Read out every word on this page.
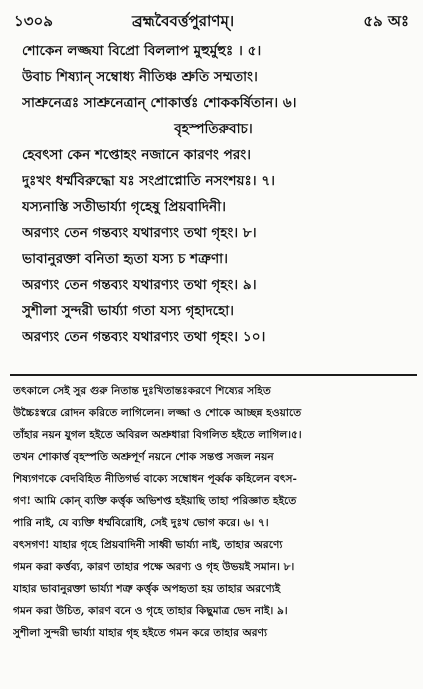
১৩০৯	ব্রহ্মবৈবর্ত্তপুরাণম্।	৫৯ অঃ
শোকেন লজ্জযা বিপ্রো বিললাপ মুহুর্মুহুঃ । ৫।
উবাচ শিষ্যান্‌ সম্বোধ্য নীতিঞ্চ শ্রুতি সম্মতাং।
সাশ্রুনেত্রঃ সাশ্রুনেত্রান্‌ শোকার্ত্তঃ শোককর্ষিতান। ৬।
বৃহস্পতিরুবাচ।
হেবৎসা কেন শপ্তোহং নজানে কারণং পরং।
দুঃখং ধর্ম্মবিরুদ্ধো যঃ সংপ্রাপ্নোতি নসংশয়ঃ। ৭।
যস্যনাস্তি সতীভার্য্যা গৃহেষু প্রিয়বাদিনী।
অরণ্যং তেন গন্তব্যং যথারণ্যং তথা গৃহং। ৮।
ভাবানুরক্তা বনিতা হৃতা যস্য চ শত্রুণা।
অরণ্যং তেন গন্তব্যং যথারণ্যং তথা গৃহং। ৯।
সুশীলা সুন্দরী ভার্য্যা গতা যস্য গৃহাদহো।
অরণ্যং তেন গন্তব্যং যথারণ্যং তথা গৃহং। ১০।
তৎকালে সেই সুর গুরু নিতান্ত দুঃখিতান্তঃকরণে শিষ্যের সহিত
উচ্চৈঃস্বরে রোদন করিতে লাগিলেন। লজ্জা ও শোকে আচ্ছন্ন হওয়াতে
তাঁহার নয়ন যুগল হইতে অবিরল অশ্রুধারা বিগলিত হইতে লাগিল।৫।
তখন শোকার্ত্ত বৃহস্পতি অশ্রুপূর্ণ নয়নে শোক সন্তপ্ত সজল নয়ন
শিষ্যগণকে বেদবিহিত নীতিগর্ভ বাক্যে সম্বোধন পূর্ব্বক কহিলেন বৎস-
গণ! আমি কোন্ ব্যক্তি কর্ত্তৃক অভিশপ্ত হইয়াছি তাহা পরিজ্ঞাত হইতে
পারি নাই, যে ব্যক্তি ধর্ম্মবিরোধি, সেই দুঃখ ভোগ করে। ৬। ৭।
বৎসগণ! যাহার গৃহে প্রিয়বাদিনী সাধ্বী ভার্য্যা নাই, তাহার অরণ্যে
গমন করা কর্ত্তব্য, কারণ তাহার পক্ষে অরণ্য ও গৃহ উভয়ই সমান। ৮।
যাহার ভাবানুরক্তা ভার্য্যা শত্রু কর্ত্তৃক অপহৃতা হয় তাহার অরণ্যেই
গমন করা উচিত, কারণ বনে ও গৃহে তাহার কিছুমাত্র ভেদ নাই। ৯।
সুশীলা সুন্দরী ভার্য্যা যাহার গৃহ হইতে গমন করে তাহার অরণ্য
